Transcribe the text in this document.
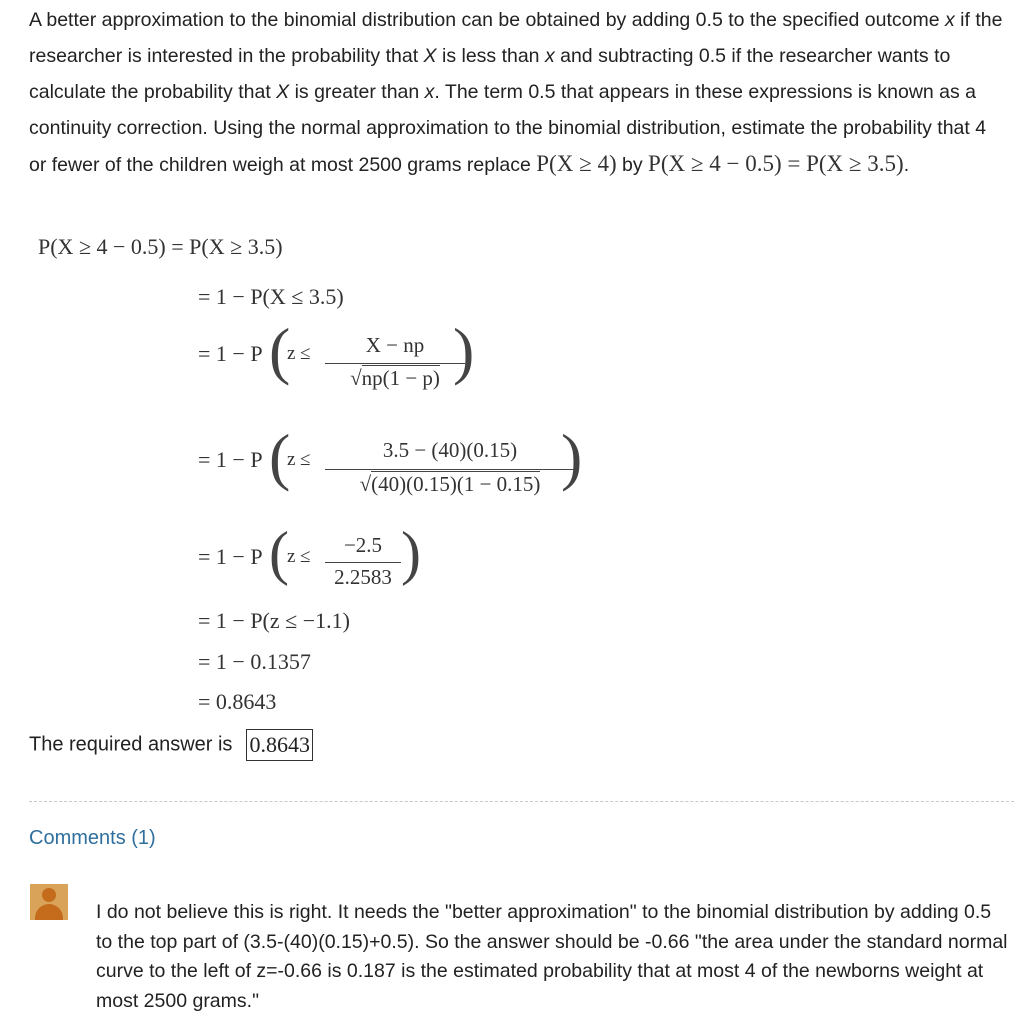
A better approximation to the binomial distribution can be obtained by adding 0.5 to the specified outcome x if the researcher is interested in the probability that X is less than x and subtracting 0.5 if the researcher wants to calculate the probability that X is greater than x. The term 0.5 that appears in these expressions is known as a continuity correction. Using the normal approximation to the binomial distribution, estimate the probability that 4 or fewer of the children weigh at most 2500 grams replace P(X ≥ 4) by P(X ≥ 4 − 0.5) = P(X ≥ 3.5).
P(X ≥ 4 − 0.5) = P(X ≥ 3.5)
= 1 − P(X ≤ 3.5)
= 1 − P (
z ≤	X − np
√np(1 − p) )
= 1 − P (
z ≤	3.5 − (40)(0.15)
√(40)(0.15)(1 − 0.15) )
= 1 − P (
z ≤	−2.5
2.2583 )
= 1 − P(z ≤ −1.1)
= 1 − 0.1357
= 0.8643
The required answer is 0.8643
Comments (1)
I do not believe this is right. It needs the "better approximation" to the binomial distribution by adding 0.5 to the top part of (3.5-(40)(0.15)+0.5). So the answer should be -0.66 "the area under the standard normal curve to the left of z=-0.66 is 0.187 is the estimated probability that at most 4 of the newborns weight at most 2500 grams."
